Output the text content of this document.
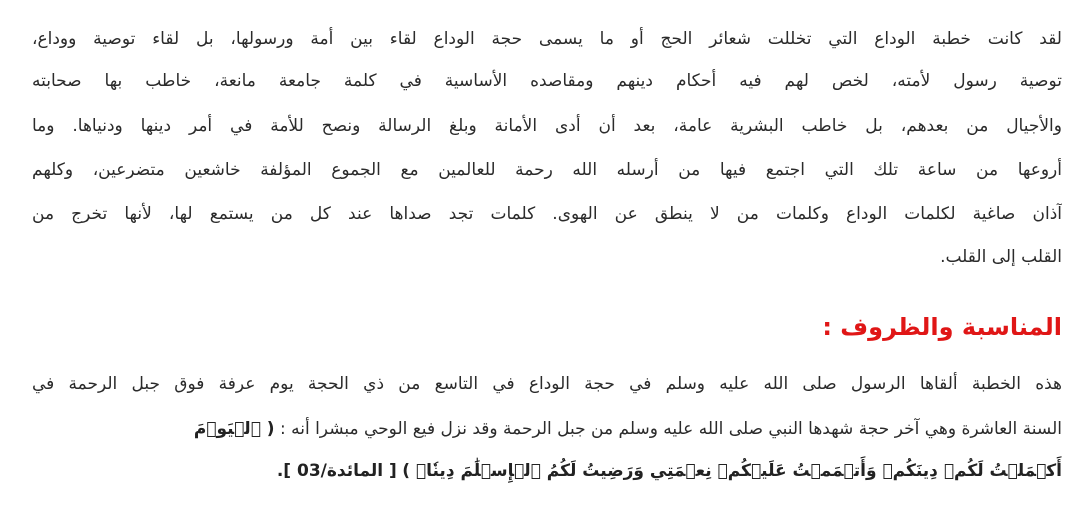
لقد كانت خطبة الوداع التي تخللت شعائر الحج أو ما يسمى حجة الوداع لقاء بين أمة ورسولها، بل لقاء توصية ووداع،
توصية رسول لأمته، لخص لهم فيه أحكام دينهم ومقاصده الأساسية في كلمة جامعة مانعة، خاطب بها صحابته
والأجيال من بعدهم، بل خاطب البشرية عامة، بعد أن أدى الأمانة وبلغ الرسالة ونصح للأمة في أمر دينها ودنياها. وما
أروعها من ساعة تلك التي اجتمع فيها من أرسله الله رحمة للعالمين مع الجموع المؤلفة خاشعين متضرعين، وكلهم
آذان صاغية لكلمات الوداع وكلمات من لا ينطق عن الهوى. كلمات تجد صداها عند كل من يستمع لها، لأنها تخرج من
القلب إلى القلب.
المناسبة والظروف :
هذه الخطبة ألقاها الرسول صلى الله عليه وسلم في حجة الوداع في التاسع من ذي الحجة يوم عرفة فوق جبل الرحمة في
السنة العاشرة وهي آخر حجة شهدها النبي صلى الله عليه وسلم من جبل الرحمة وقد نزل فيع الوحي مبشرا أنه : ( ٱلۡيَوۡمَ
أَكۡمَلۡتُ لَكُمۡ دِينَكُمۡ وَأَتۡمَمۡتُ عَلَيۡكُمۡ نِعۡمَتِي وَرَضِيتُ لَكُمُ ٱلۡإِسۡلَٰمَ دِينٗاۚ ) [ المائدة/03 ].
